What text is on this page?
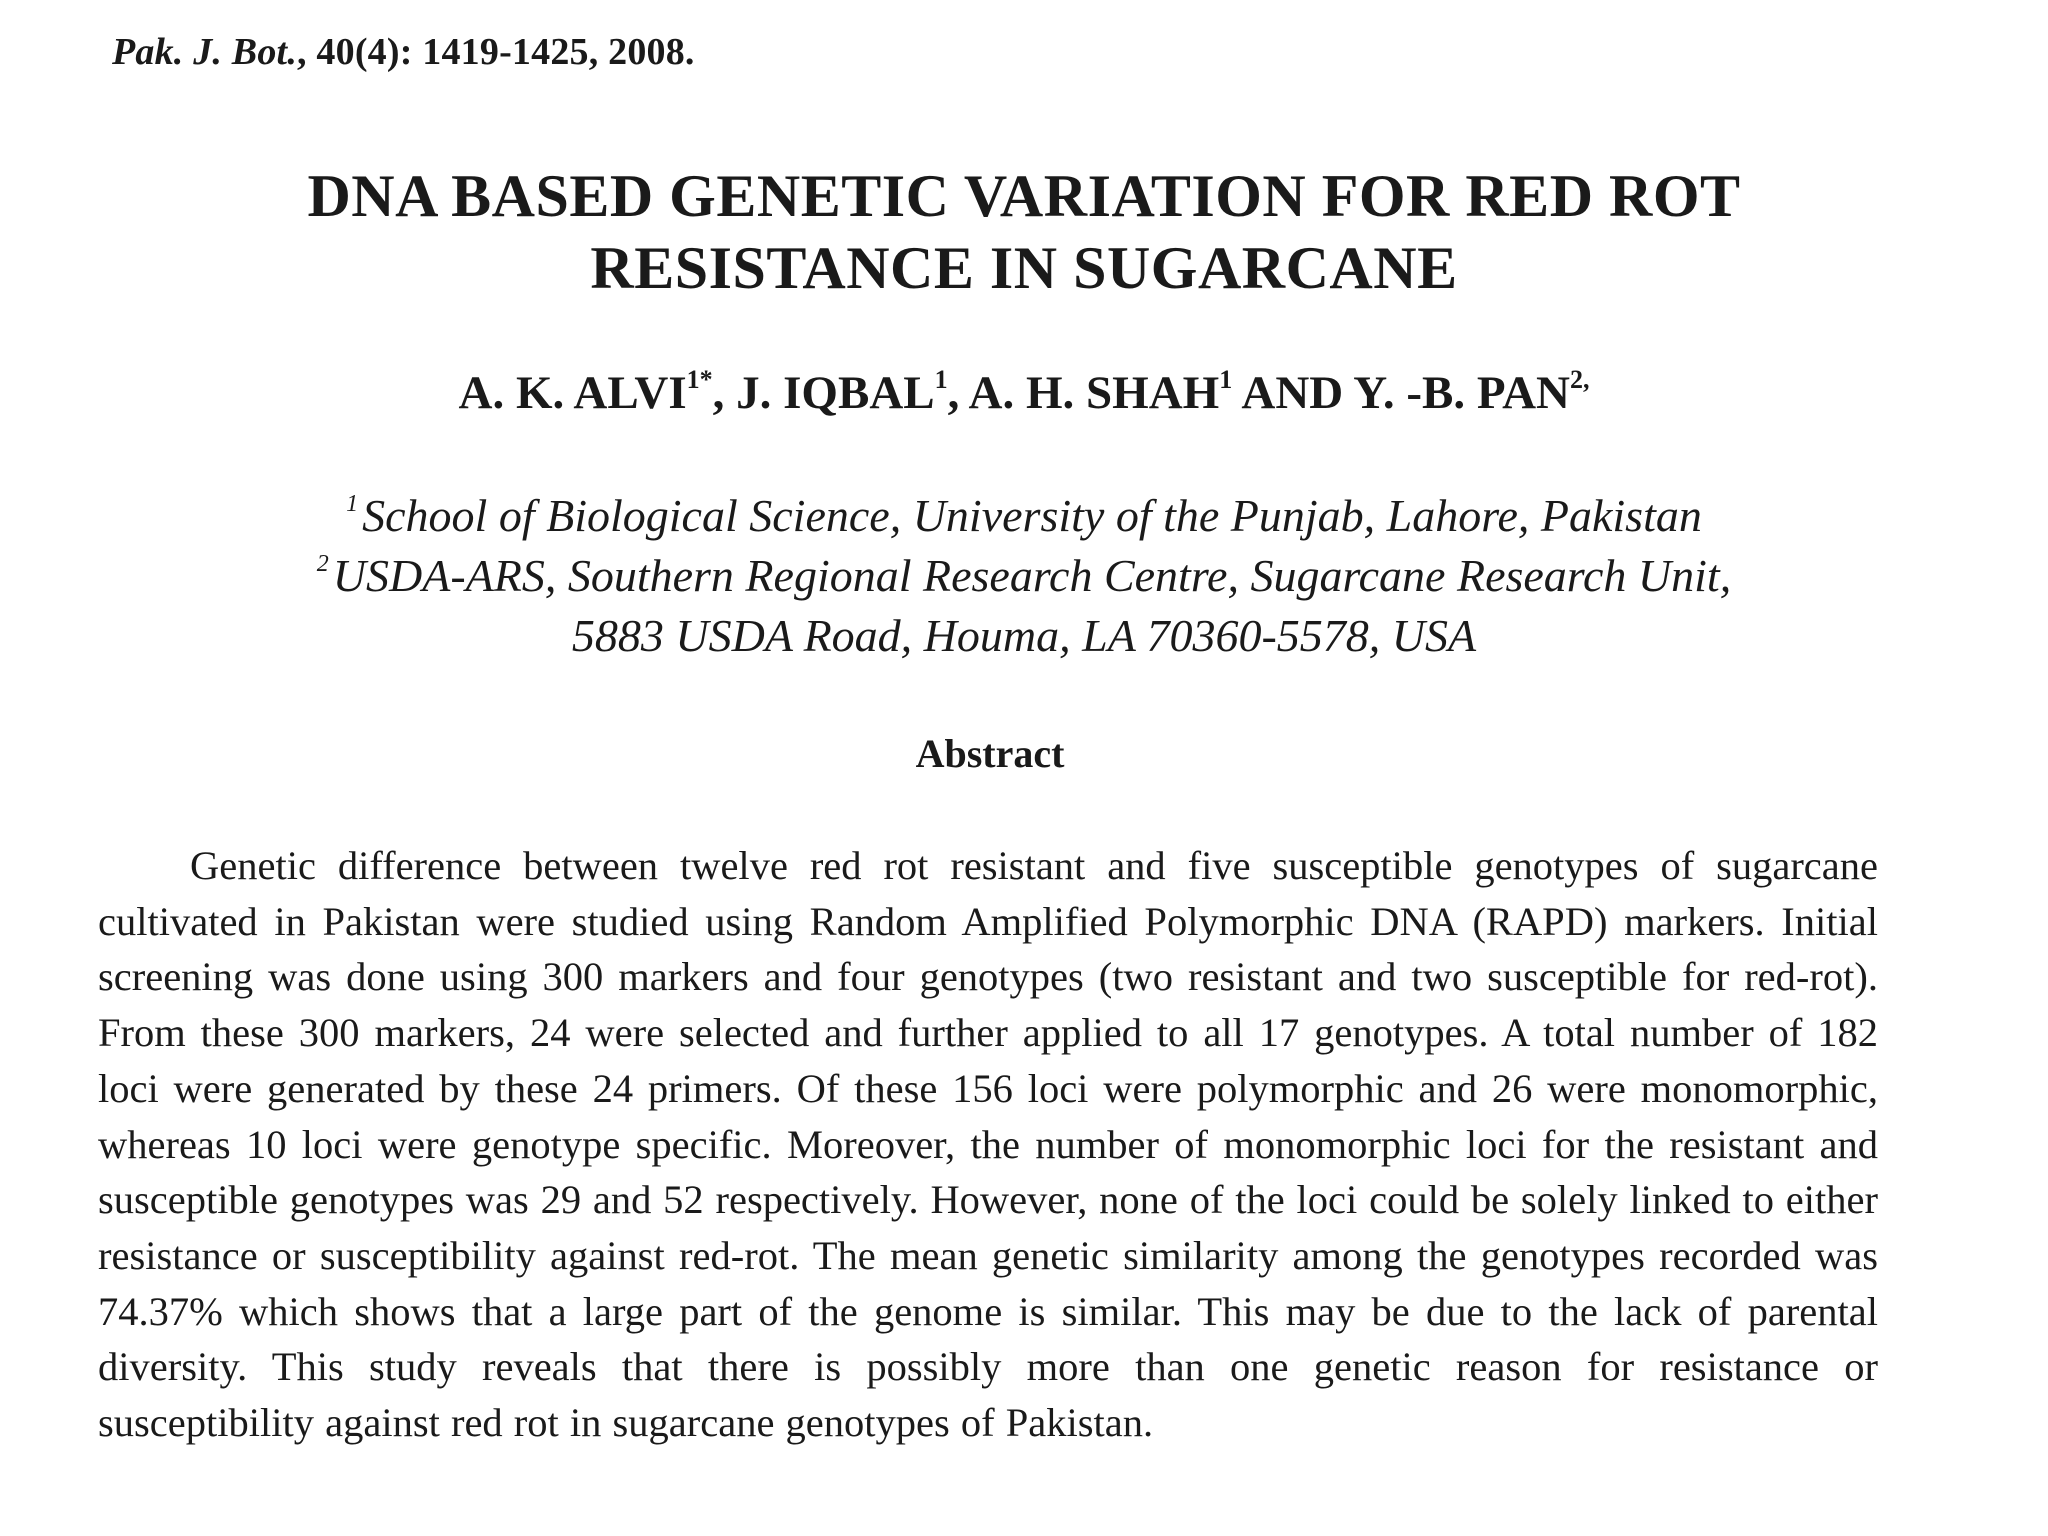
Pak. J. Bot., 40(4): 1419-1425, 2008.
DNA BASED GENETIC VARIATION FOR RED ROT
RESISTANCE IN SUGARCANE
A. K. $ALVI^{1*}$, J. IQBAL$^1$, A. H. SHAH$^1$ AND Y. -B. $PAN^{2,}$
$^1$School of Biological Science, University of the Punjab, Lahore, Pakistan
$^2$USDA-ARS, Southern Regional Research Centre, Sugarcane Research Unit,
5883 USDA Road, Houma, LA 70360-5578, USA
Abstract

Genetic difference between twelve red rot resistant and five susceptible genotypes of sugarcane cultivated in Pakistan were studied using Random Amplified Polymorphic DNA (RAPD) markers. Initial screening was done using 300 markers and four genotypes (two resistant and two susceptible for red-rot). From these 300 markers, 24 were selected and further applied to all 17 genotypes. A total number of 182 loci were generated by these 24 primers. Of these 156 loci were polymorphic and 26 were monomorphic, whereas 10 loci were genotype specific. Moreover, the number of monomorphic loci for the resistant and susceptible genotypes was 29 and 52 respectively. However, none of the loci could be solely linked to either resistance or susceptibility against red-rot. The mean genetic similarity among the genotypes recorded was 74.37% which shows that a large part of the genome is similar. This may be due to the lack of parental diversity. This study reveals that there is possibly more than one genetic reason for resistance or susceptibility against red rot in sugarcane genotypes of Pakistan.
